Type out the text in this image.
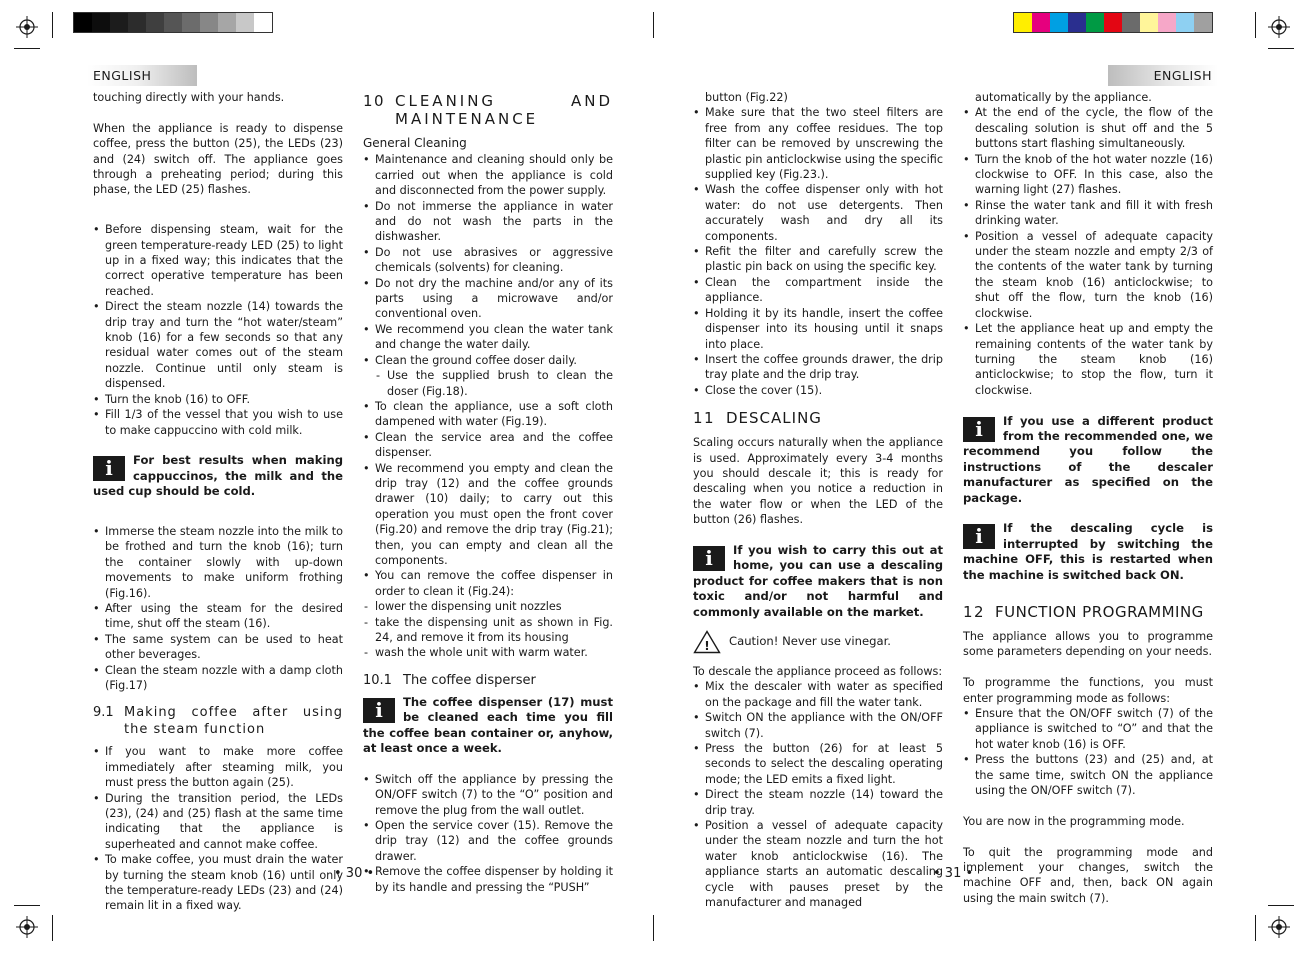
ENGLISH	ENGLISH

touching directly with your hands.

When the appliance is ready to dispense coffee, press the button (25), the LEDs (23) and (24) switch off. The appliance goes through a preheating period; during this phase, the LED (25) flashes.

• Before dispensing steam, wait for the green temperature-ready LED (25) to light up in a fixed way; this indicates that the correct operative temperature has been reached.
• Direct the steam nozzle (14) towards the drip tray and turn the “hot water/steam” knob (16) for a few seconds so that any residual water comes out of the steam nozzle. Continue until only steam is dispensed.
• Turn the knob (16) to OFF.
• Fill 1/3 of the vessel that you wish to use to make cappuccino with cold milk.
i	For best results when making cappuccinos, the milk and the used cup should be cold.
• Immerse the steam nozzle into the milk to be frothed and turn the knob (16); turn the container slowly with up-down movements to make uniform frothing (Fig.16).
• After using the steam for the desired time, shut off the steam (16).
• The same system can be used to heat other beverages.
• Clean the steam nozzle with a damp cloth (Fig.17)
9.1 Making coffee after using the steam function
• If you want to make more coffee immediately after steaming milk, you must press the button again (25).
• During the transition period, the LEDs (23), (24) and (25) flash at the same time indicating that the appliance is superheated and cannot make coffee.
• To make coffee, you must drain the water by turning the steam knob (16) until only the temperature-ready LEDs (23) and (24) remain lit in a fixed way.
10 CLEANING AND MAINTENANCE
General Cleaning
• Maintenance and cleaning should only be carried out when the appliance is cold and disconnected from the power supply.
• Do not immerse the appliance in water and do not wash the parts in the dishwasher.
• Do not use abrasives or aggressive chemicals (solvents) for cleaning.
• Do not dry the machine and/or any of its parts using a microwave and/or conventional oven.
• We recommend you clean the water tank and change the water daily.
• Clean the ground coffee doser daily.
- Use the supplied brush to clean the doser (Fig.18).
• To clean the appliance, use a soft cloth dampened with water (Fig.19).
• Clean the service area and the coffee dispenser.
• We recommend you empty and clean the drip tray (12) and the coffee grounds drawer (10) daily; to carry out this operation you must open the front cover (Fig.20) and remove the drip tray (Fig.21); then, you can empty and clean all the components.
• You can remove the coffee dispenser in order to clean it (Fig.24):
- lower the dispensing unit nozzles
- take the dispensing unit as shown in Fig. 24, and remove it from its housing
- wash the whole unit with warm water.
10.1 The coffee disperser
i	The coffee dispenser (17) must be cleaned each time you fill the coffee bean container or, anyhow, at least once a week.
• Switch off the appliance by pressing the ON/OFF switch (7) to the “O” position and remove the plug from the wall outlet.
• Open the service cover (15). Remove the drip tray (12) and the coffee grounds drawer.
• Remove the coffee dispenser by holding it by its handle and pressing the “PUSH”
• 30 •

button (Fig.22)

• Make sure that the two steel filters are free from any coffee residues. The top filter can be removed by unscrewing the plastic pin anticlockwise using the specific supplied key (Fig.23.).
• Wash the coffee dispenser only with hot water: do not use detergents. Then accurately wash and dry all its components.
• Refit the filter and carefully screw the plastic pin back on using the specific key.
• Clean the compartment inside the appliance.
• Holding it by its handle, insert the coffee dispenser into its housing until it snaps into place.
• Insert the coffee grounds drawer, the drip tray plate and the drip tray.
• Close the cover (15).
11 DESCALING

Scaling occurs naturally when the appliance is used. Approximately every 3-4 months you should descale it; this is ready for descaling when you notice a reduction in the water flow or when the LED of the button (26) flashes.

i	If you wish to carry this out at home, you can use a descaling product for coffee makers that is non toxic and/or not harmful and commonly available on the market.
! Caution! Never use vinegar.

To descale the appliance proceed as follows:

• Mix the descaler with water as specified on the package and fill the water tank.
• Switch ON the appliance with the ON/OFF switch (7).
• Press the button (26) for at least 5 seconds to select the descaling operating mode; the LED emits a fixed light.
• Direct the steam nozzle (14) toward the drip tray.
• Position a vessel of adequate capacity under the steam nozzle and turn the hot water knob anticlockwise (16). The appliance starts an automatic descaling cycle with pauses preset by the manufacturer and managed
• 31 •

automatically by the appliance.

• At the end of the cycle, the flow of the descaling solution is shut off and the 5 buttons start flashing simultaneously.
• Turn the knob of the hot water nozzle (16) clockwise to OFF. In this case, also the warning light (27) flashes.
• Rinse the water tank and fill it with fresh drinking water.
• Position a vessel of adequate capacity under the steam nozzle and empty 2/3 of the contents of the water tank by turning the steam knob (16) anticlockwise; to shut off the flow, turn the knob (16) clockwise.
• Let the appliance heat up and empty the remaining contents of the water tank by turning the steam knob (16) anticlockwise; to stop the flow, turn it clockwise.
i	If you use a different product from the recommended one, we recommend you follow the instructions of the descaler manufacturer as specified on the package.
i	If the descaling cycle is interrupted by switching the machine OFF, this is restarted when the machine is switched back ON.
12 FUNCTION PROGRAMMING

The appliance allows you to programme some parameters depending on your needs.

To programme the functions, you must enter programming mode as follows:

• Ensure that the ON/OFF switch (7) of the appliance is switched to “O” and that the hot water knob (16) is OFF.
• Press the buttons (23) and (25) and, at the same time, switch ON the appliance using the ON/OFF switch (7).

You are now in the programming mode.

To quit the programming mode and implement your changes, switch the machine OFF and, then, back ON again using the main switch (7).
